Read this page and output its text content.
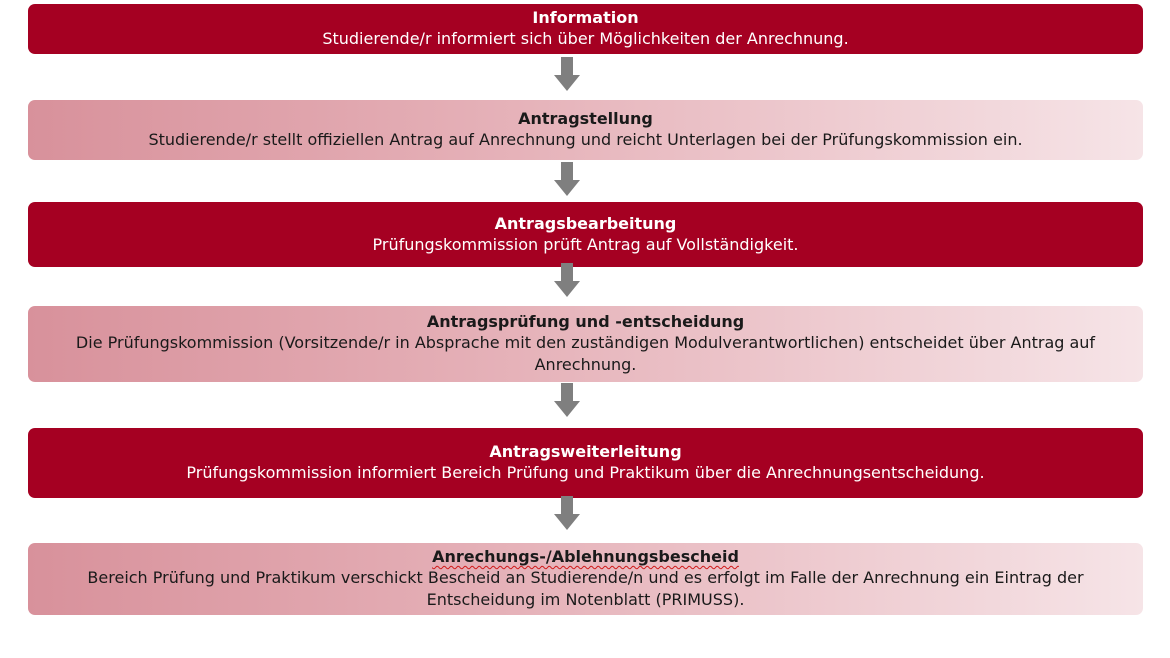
Information
Studierende/r informiert sich über Möglichkeiten der Anrechnung.
Antragstellung
Studierende/r stellt offiziellen Antrag auf Anrechnung und reicht Unterlagen bei der Prüfungskommission ein.
Antragsbearbeitung
Prüfungskommission prüft Antrag auf Vollständigkeit.
Antragsprüfung und -entscheidung
Die Prüfungskommission (Vorsitzende/r in Absprache mit den zuständigen Modulverantwortlichen) entscheidet über Antrag auf Anrechnung.
Antragsweiterleitung
Prüfungskommission informiert Bereich Prüfung und Praktikum über die Anrechnungsentscheidung.
Anrechungs-/Ablehnungsbescheid
Bereich Prüfung und Praktikum verschickt Bescheid an Studierende/n und es erfolgt im Falle der Anrechnung ein Eintrag der Entscheidung im Notenblatt (PRIMUSS).
